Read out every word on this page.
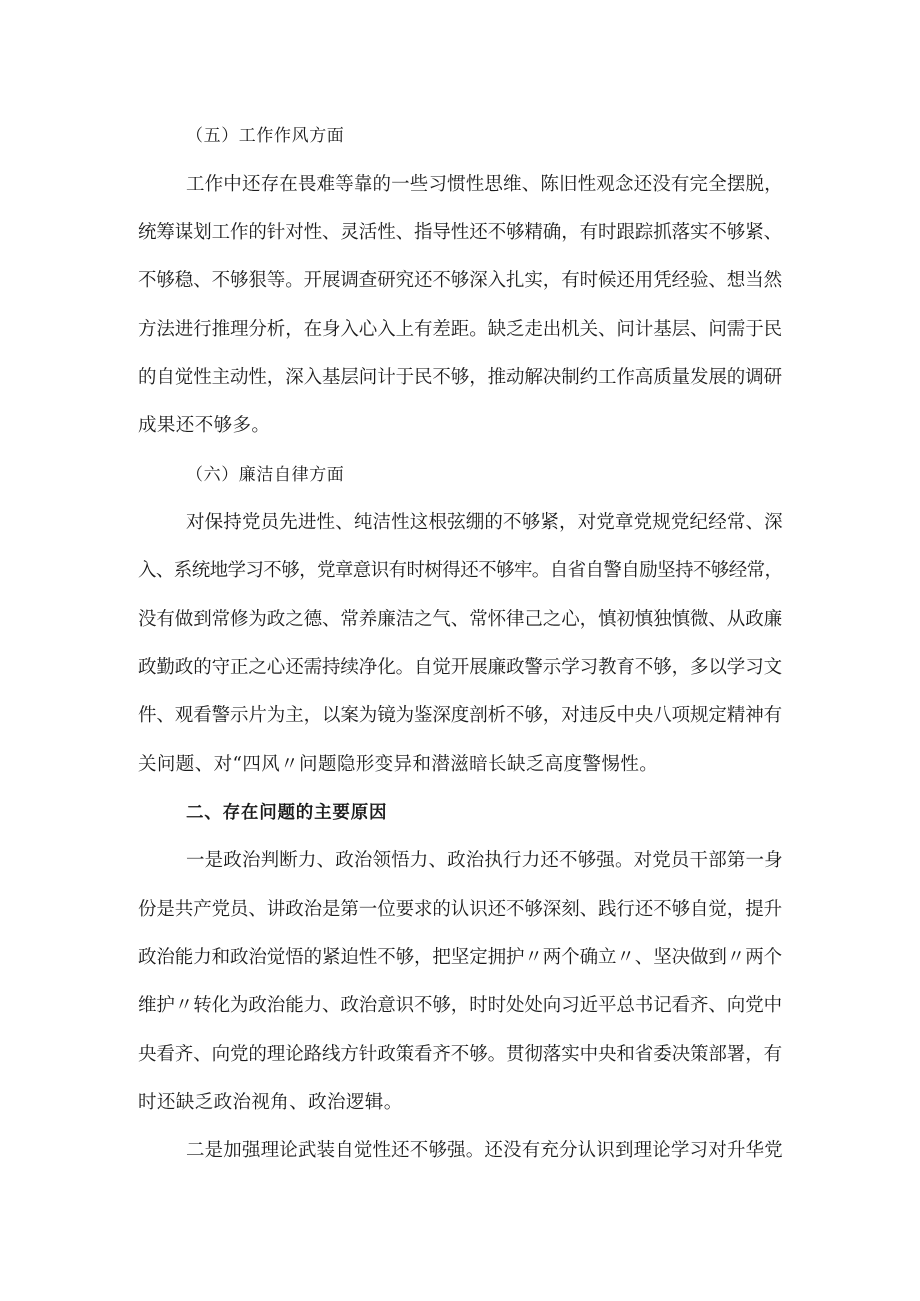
（五）工作作风方面
工作中还存在畏难等靠的一些习惯性思维、陈旧性观念还没有完全摆脱，
统筹谋划工作的针对性、灵活性、指导性还不够精确，有时跟踪抓落实不够紧、
不够稳、不够狠等。开展调查研究还不够深入扎实，有时候还用凭经验、想当然
方法进行推理分析，在身入心入上有差距。缺乏走出机关、问计基层、问需于民
的自觉性主动性，深入基层问计于民不够，推动解决制约工作高质量发展的调研
成果还不够多。
（六）廉洁自律方面
对保持党员先进性、纯洁性这根弦绷的不够紧，对党章党规党纪经常、深
入、系统地学习不够，党章意识有时树得还不够牢。自省自警自励坚持不够经常，
没有做到常修为政之德、常养廉洁之气、常怀律己之心，慎初慎独慎微、从政廉
政勤政的守正之心还需持续净化。自觉开展廉政警示学习教育不够，多以学习文
件、观看警示片为主，以案为镜为鉴深度剖析不够，对违反中央八项规定精神有
关问题、对“四风〃问题隐形变异和潜滋暗长缺乏高度警惕性。
二、存在问题的主要原因
一是政治判断力、政治领悟力、政治执行力还不够强。对党员干部第一身
份是共产党员、讲政治是第一位要求的认识还不够深刻、践行还不够自觉，提升
政治能力和政治觉悟的紧迫性不够，把坚定拥护〃两个确立〃、坚决做到〃两个
维护〃转化为政治能力、政治意识不够，时时处处向习近平总书记看齐、向党中
央看齐、向党的理论路线方针政策看齐不够。贯彻落实中央和省委决策部署，有
时还缺乏政治视角、政治逻辑。
二是加强理论武装自觉性还不够强。还没有充分认识到理论学习对升华党
